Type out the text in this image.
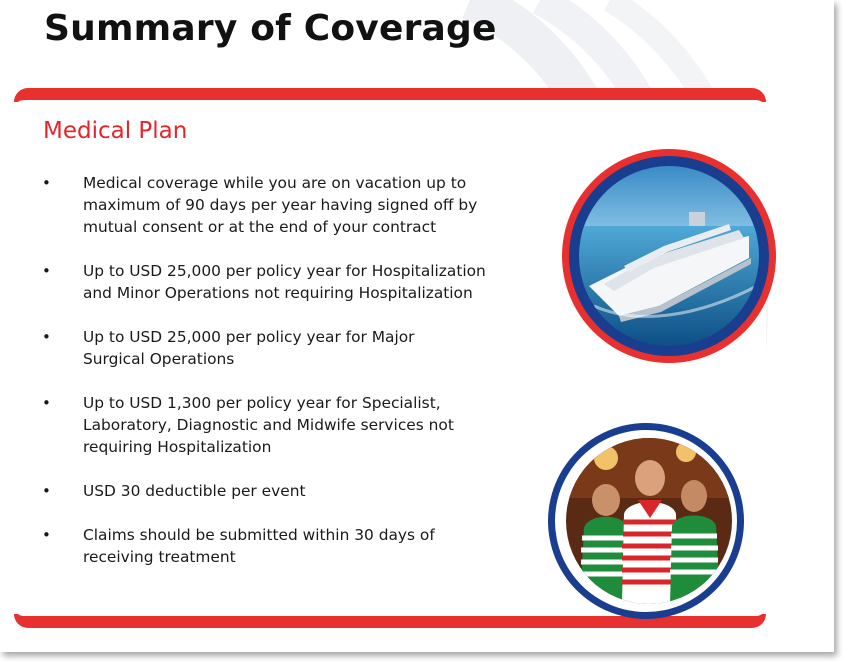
Summary of Coverage
Medical Plan
• Medical coverage while you are on vacation up to
maximum of 90 days per year having signed off by
mutual consent or at the end of your contract
• Up to USD 25,000 per policy year for Hospitalization
and Minor Operations not requiring Hospitalization
• Up to USD 25,000 per policy year for Major
Surgical Operations
• Up to USD 1,300 per policy year for Specialist,
Laboratory, Diagnostic and Midwife services not
requiring Hospitalization
• USD 30 deductible per event
• Claims should be submitted within 30 days of
receiving treatment
